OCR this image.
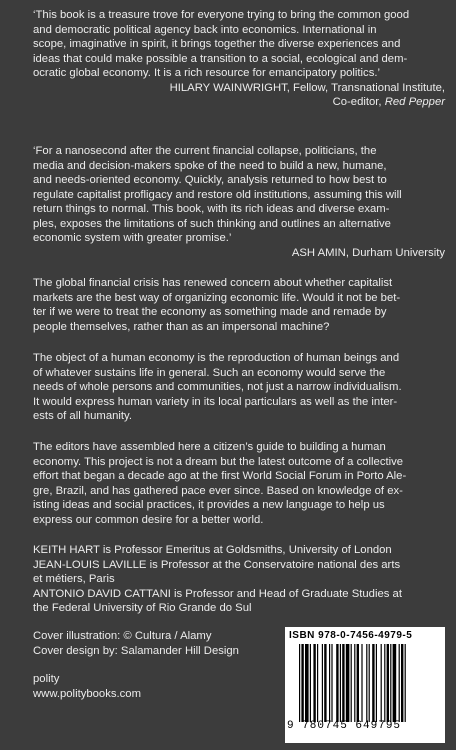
‘This book is a treasure trove for everyone trying to bring the common good

and democratic political agency back into economics. International in

scope, imaginative in spirit, it brings together the diverse experiences and

ideas that could make possible a transition to a social, ecological and dem-

ocratic global economy. It is a rich resource for emancipatory politics.’

HILARY WAINWRIGHT, Fellow, Transnational Institute,

Co-editor, Red Pepper

‘For a nanosecond after the current financial collapse, politicians, the

media and decision-makers spoke of the need to build a new, humane,

and needs-oriented economy. Quickly, analysis returned to how best to

regulate capitalist profligacy and restore old institutions, assuming this will

return things to normal. This book, with its rich ideas and diverse exam-

ples, exposes the limitations of such thinking and outlines an alternative

economic system with greater promise.’

ASH AMIN, Durham University

The global financial crisis has renewed concern about whether capitalist

markets are the best way of organizing economic life. Would it not be bet-

ter if we were to treat the economy as something made and remade by

people themselves, rather than as an impersonal machine?

The object of a human economy is the reproduction of human beings and

of whatever sustains life in general. Such an economy would serve the

needs of whole persons and communities, not just a narrow individualism.

It would express human variety in its local particulars as well as the inter-

ests of all humanity.

The editors have assembled here a citizen’s guide to building a human

economy. This project is not a dream but the latest outcome of a collective

effort that began a decade ago at the first World Social Forum in Porto Ale-

gre, Brazil, and has gathered pace ever since. Based on knowledge of ex-

isting ideas and social practices, it provides a new language to help us

express our common desire for a better world.

KEITH HART is Professor Emeritus at Goldsmiths, University of London

JEAN-LOUIS LAVILLE is Professor at the Conservatoire national des arts

et métiers, Paris

ANTONIO DAVID CATTANI is Professor and Head of Graduate Studies at

the Federal University of Rio Grande do Sul

Cover illustration: © Cultura / Alamy

Cover design by: Salamander Hill Design

polity

www.politybooks.com

ISBN 978-0-7456-4979-5
9 780745 649795
